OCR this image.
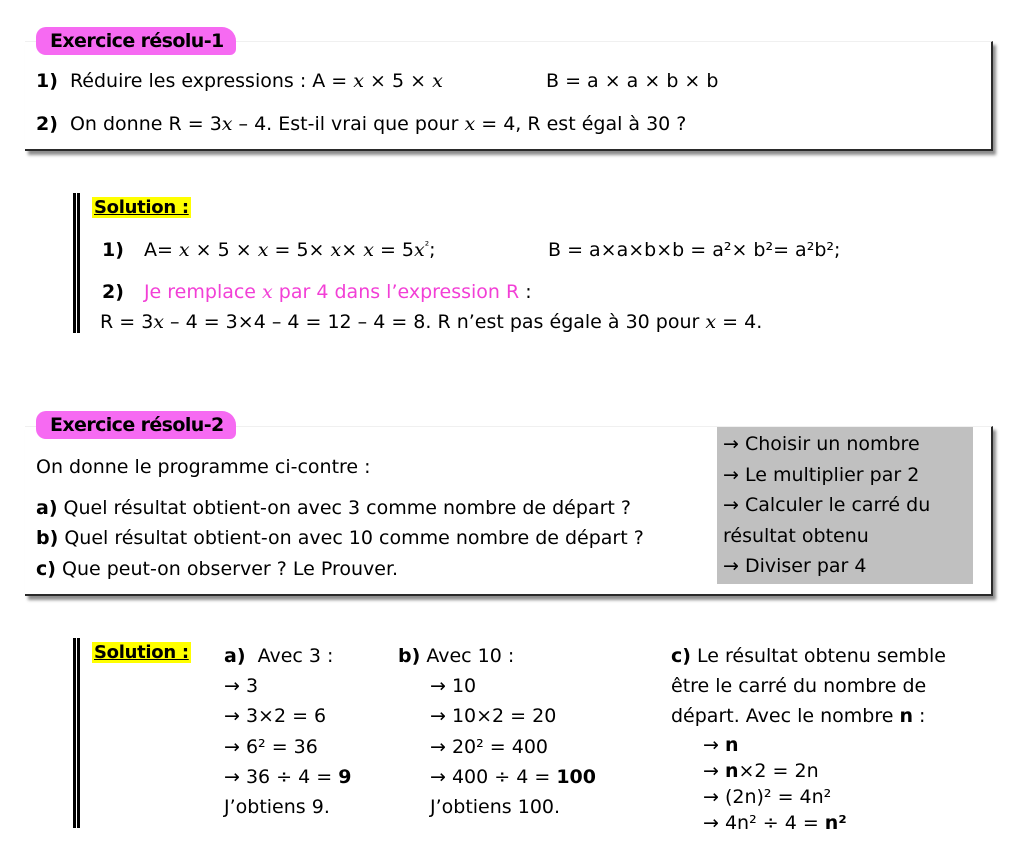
Exercice résolu-1
1) Réduire les expressions : A = x × 5 × x	B = a × a × b × b
2) On donne R = 3x – 4. Est-il vrai que pour x = 4, R est égal à 30 ?
Solution :
1) $A= x \times 5 \times x = 5\times x\times x = 5x^{^2}$;	B = a×a×b×b = a²× b²= a²b²;
2) Je remplace x par 4 dans l’expression R :
R = 3x – 4 = 3×4 – 4 = 12 – 4 = 8. R n’est pas égale à 30 pour x = 4.
Exercice résolu-2
On donne le programme ci-contre :
a) Quel résultat obtient-on avec 3 comme nombre de départ ?
b) Quel résultat obtient-on avec 10 comme nombre de départ ?
c) Que peut-on observer ? Le Prouver.
→ Choisir un nombre
→ Le multiplier par 2
→ Calculer le carré du
résultat obtenu
→ Diviser par 4
Solution : a)  Avec 3 :
→ 3
→ 3×2 = 6
→ 6² = 36
→ 36 ÷ 4 = 9
J’obtiens 9.
b) Avec 10 :
→ 10
→ 10×2 = 20
→ 20² = 400
→ 400 ÷ 4 = 100
J’obtiens 100.
c) Le résultat obtenu semble
être le carré du nombre de
départ. Avec le nombre n :
→ n
→ n×2 = 2n
→ (2n)² = 4n²
→ 4n² ÷ 4 = n²
